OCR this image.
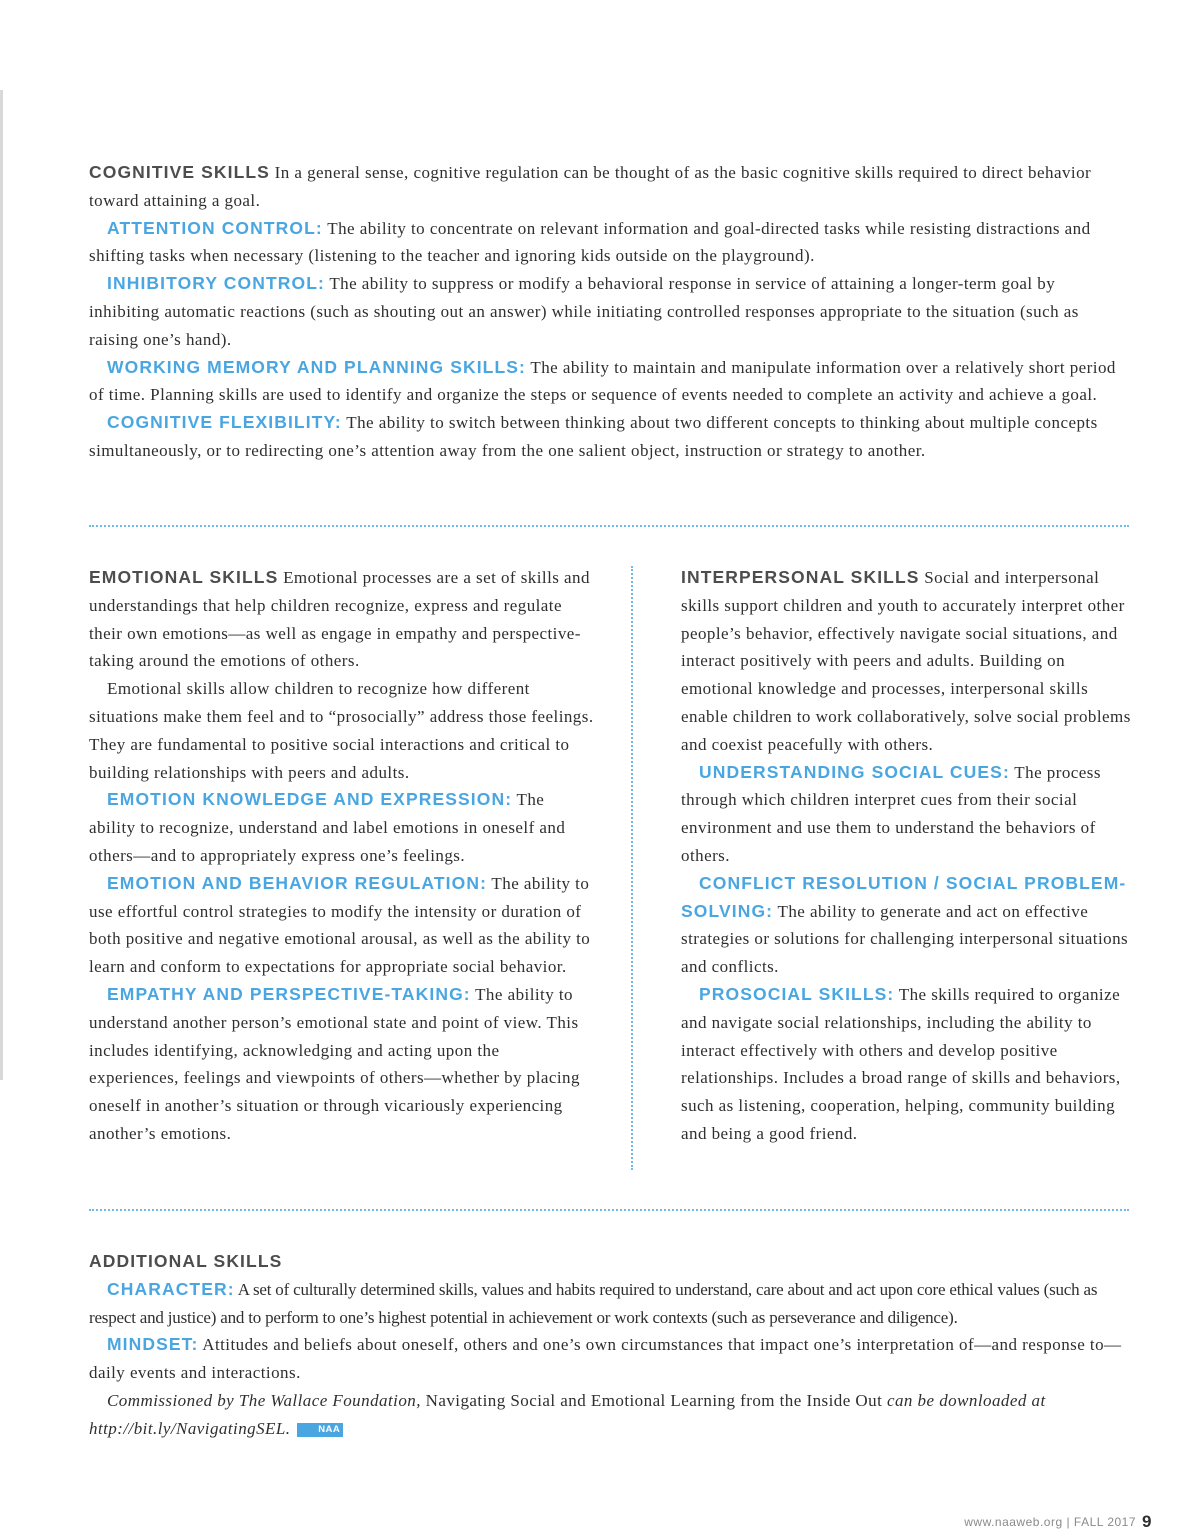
COGNITIVE SKILLS In a general sense, cognitive regulation can be thought of as the basic cognitive skills required to direct behavior toward attaining a goal.

ATTENTION CONTROL: The ability to concentrate on relevant information and goal-directed tasks while resisting distractions and shifting tasks when necessary (listening to the teacher and ignoring kids outside on the playground).

INHIBITORY CONTROL: The ability to suppress or modify a behavioral response in service of attaining a longer-term goal by inhibiting automatic reactions (such as shouting out an answer) while initiating controlled responses appropriate to the situation (such as raising one’s hand).

WORKING MEMORY AND PLANNING SKILLS: The ability to maintain and manipulate information over a relatively short period of time. Planning skills are used to identify and organize the steps or sequence of events needed to complete an activity and achieve a goal.

COGNITIVE FLEXIBILITY: The ability to switch between thinking about two different concepts to thinking about multiple concepts simultaneously, or to redirecting one’s attention away from the one salient object, instruction or strategy to another.

EMOTIONAL SKILLS Emotional processes are a set of skills and understandings that help children recognize, express and regulate their own emotions—as well as engage in empathy and perspective-taking around the emotions of others.

Emotional skills allow children to recognize how different situations make them feel and to “prosocially” address those feelings. They are fundamental to positive social interactions and critical to building relationships with peers and adults.

EMOTION KNOWLEDGE AND EXPRESSION: The ability to recognize, understand and label emotions in oneself and others—and to appropriately express one’s feelings.

EMOTION AND BEHAVIOR REGULATION: The ability to use effortful control strategies to modify the intensity or duration of both positive and negative emotional arousal, as well as the ability to learn and conform to expectations for appropriate social behavior.

EMPATHY AND PERSPECTIVE-TAKING: The ability to understand another person’s emotional state and point of view. This includes identifying, acknowledging and acting upon the experiences, feelings and viewpoints of others—whether by placing oneself in another’s situation or through vicariously experiencing another’s emotions.

INTERPERSONAL SKILLS Social and interpersonal skills support children and youth to accurately interpret other people’s behavior, effectively navigate social situations, and interact positively with peers and adults. Building on emotional knowledge and processes, interpersonal skills enable children to work collaboratively, solve social problems and coexist peacefully with others.

UNDERSTANDING SOCIAL CUES: The process through which children interpret cues from their social environment and use them to understand the behaviors of others.

CONFLICT RESOLUTION / SOCIAL PROBLEM-SOLVING: The ability to generate and act on effective strategies or solutions for challenging interpersonal situations and conflicts.

PROSOCIAL SKILLS: The skills required to organize and navigate social relationships, including the ability to interact effectively with others and develop positive relationships. Includes a broad range of skills and behaviors, such as listening, cooperation, helping, community building and being a good friend.

ADDITIONAL SKILLS

CHARACTER: A set of culturally determined skills, values and habits required to understand, care about and act upon core ethical values (such as respect and justice) and to perform to one’s highest potential in achievement or work contexts (such as perseverance and diligence).

MINDSET: Attitudes and beliefs about oneself, others and one’s own circumstances that impact one’s interpretation of—and response to—daily events and interactions.

Commissioned by The Wallace Foundation, Navigating Social and Emotional Learning from the Inside Out can be downloaded at http://bit.ly/NavigatingSEL.	NAA

www.naaweb.org | FALL 2017 9
